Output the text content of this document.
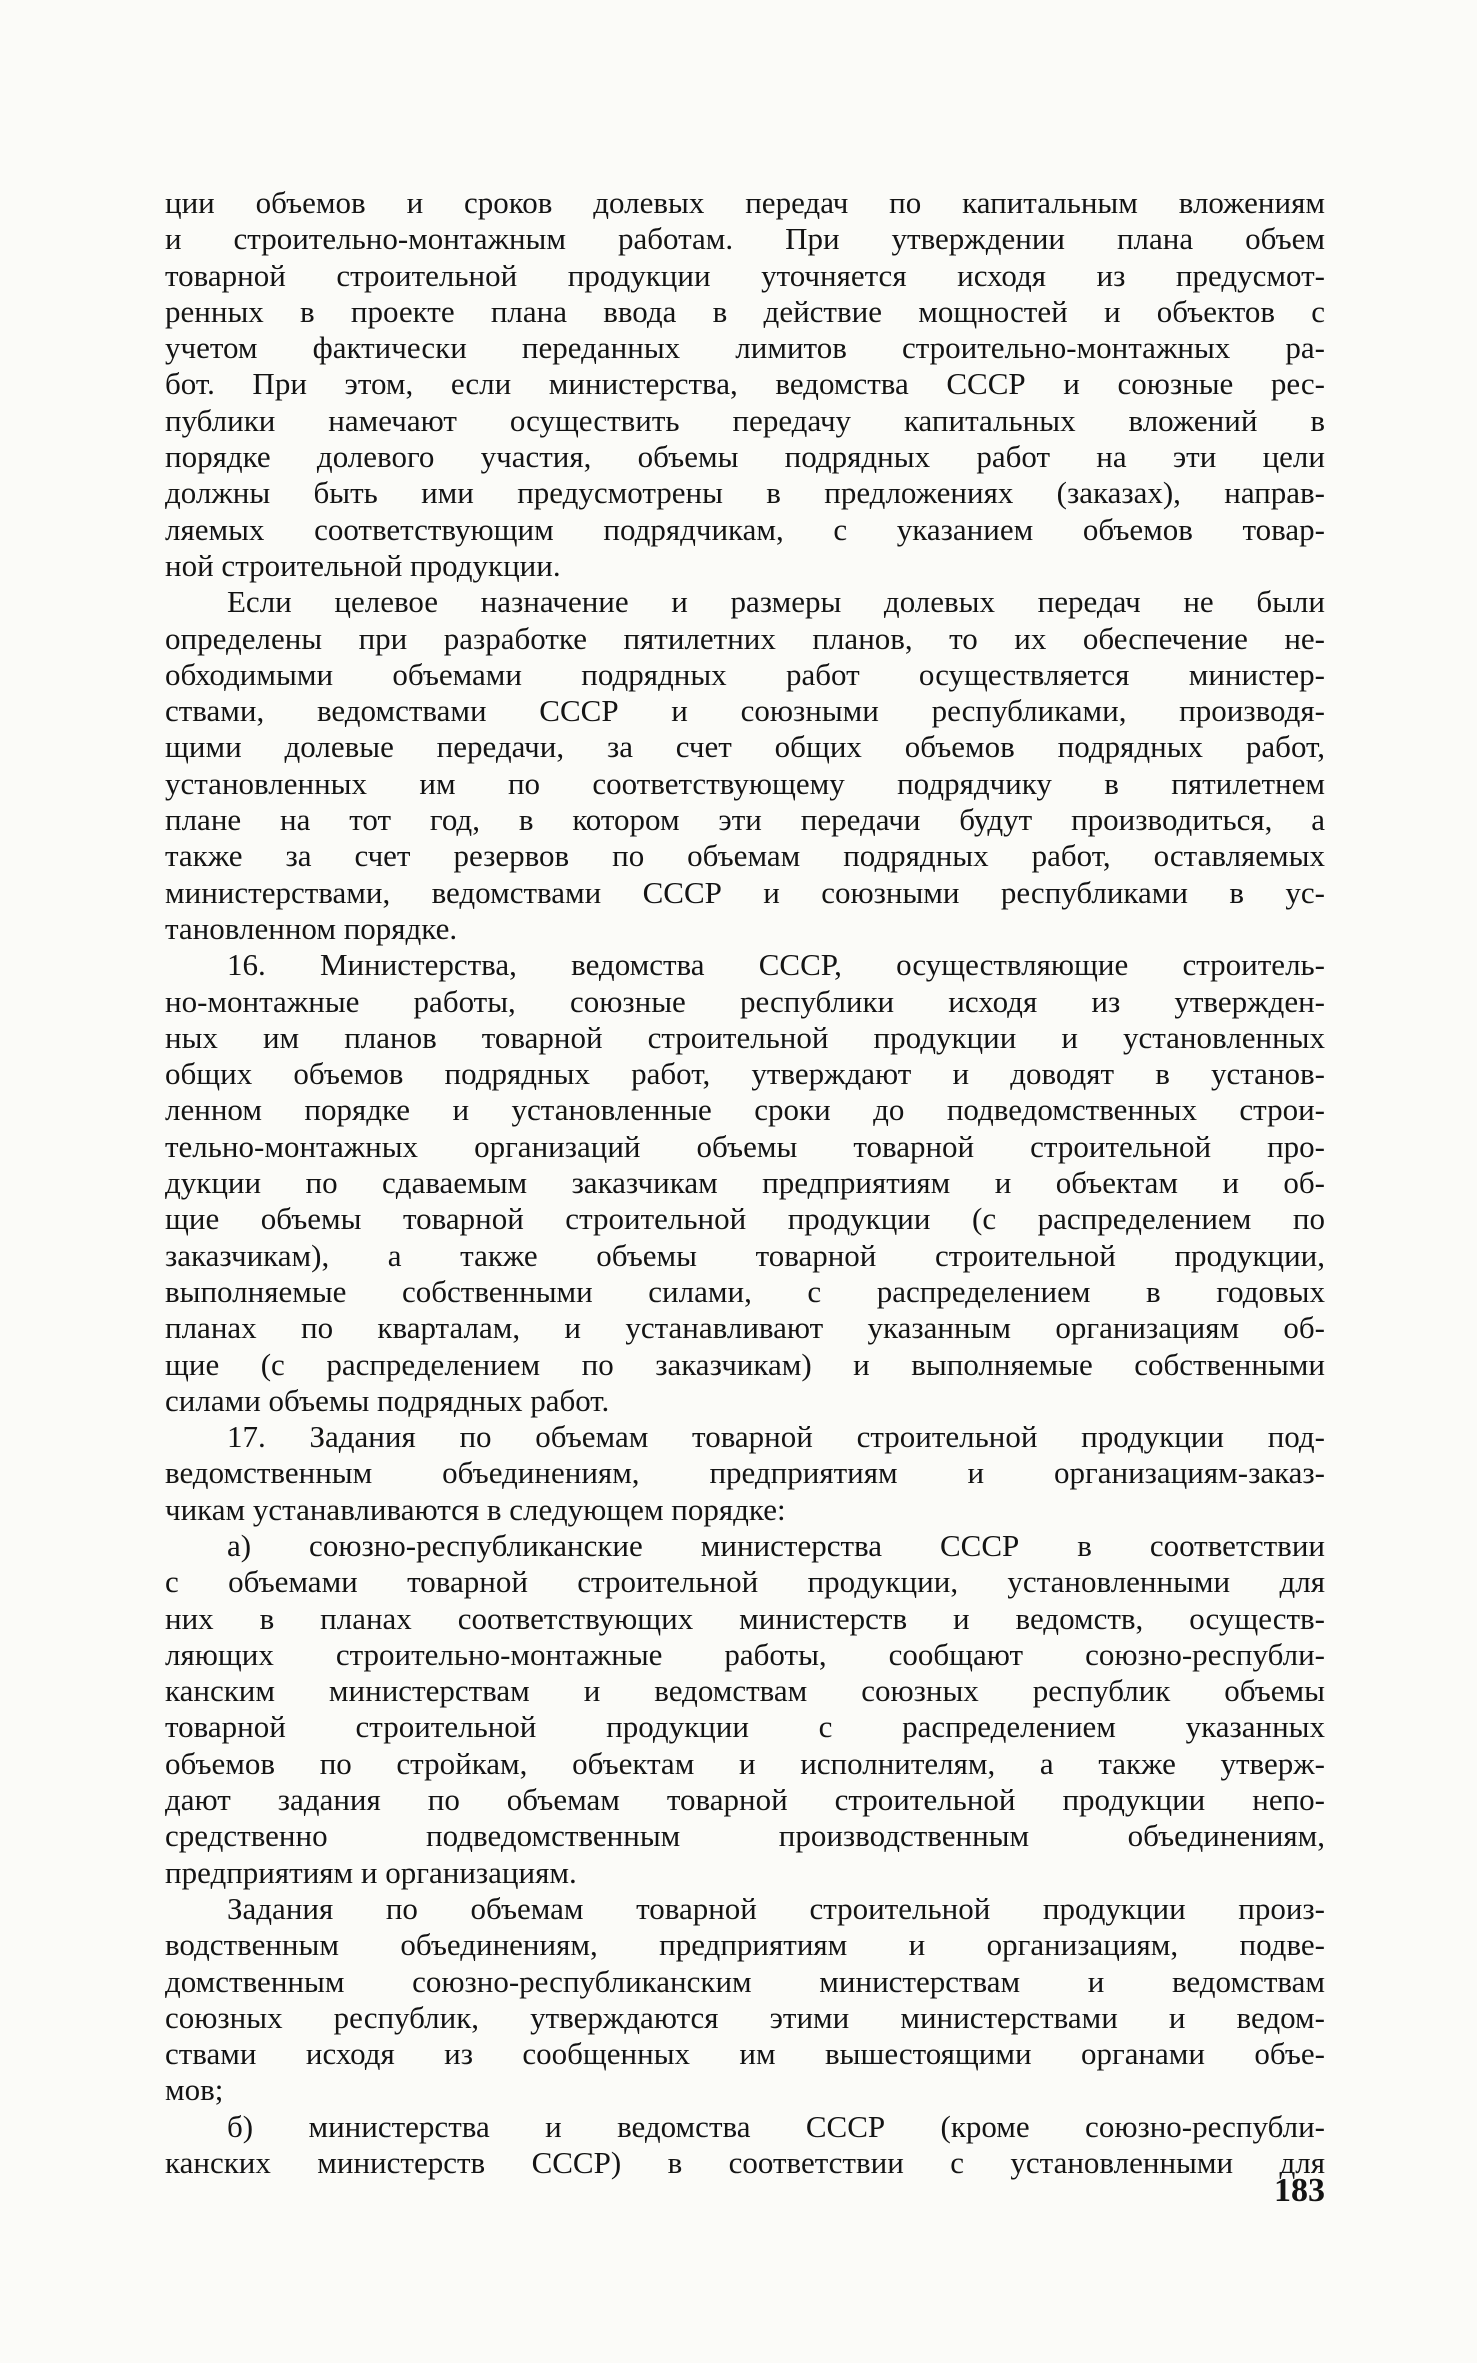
ции объемов и сроков долевых передач по капитальным вложениям
и строительно-монтажным работам. При утверждении плана объем
товарной строительной продукции уточняется исходя из предусмот-
ренных в проекте плана ввода в действие мощностей и объектов с
учетом фактически переданных лимитов строительно-монтажных ра-
бот. При этом, если министерства, ведомства СССР и союзные рес-
публики намечают осуществить передачу капитальных вложений в
порядке долевого участия, объемы подрядных работ на эти цели
должны быть ими предусмотрены в предложениях (заказах), направ-
ляемых соответствующим подрядчикам, с указанием объемов товар-
ной строительной продукции.
Если целевое назначение и размеры долевых передач не были
определены при разработке пятилетних планов, то их обеспечение не-
обходимыми объемами подрядных работ осуществляется министер-
ствами, ведомствами СССР и союзными республиками, производя-
щими долевые передачи, за счет общих объемов подрядных работ,
установленных им по соответствующему подрядчику в пятилетнем
плане на тот год, в котором эти передачи будут производиться, а
также за счет резервов по объемам подрядных работ, оставляемых
министерствами, ведомствами СССР и союзными республиками в ус-
тановленном порядке.
16. Министерства, ведомства СССР, осуществляющие строитель-
но-монтажные работы, союзные республики исходя из утвержден-
ных им планов товарной строительной продукции и установленных
общих объемов подрядных работ, утверждают и доводят в установ-
ленном порядке и установленные сроки до подведомственных строи-
тельно-монтажных организаций объемы товарной строительной про-
дукции по сдаваемым заказчикам предприятиям и объектам и об-
щие объемы товарной строительной продукции (с распределением по
заказчикам), а также объемы товарной строительной продукции,
выполняемые собственными силами, с распределением в годовых
планах по кварталам, и устанавливают указанным организациям об-
щие (с распределением по заказчикам) и выполняемые собственными
силами объемы подрядных работ.
17. Задания по объемам товарной строительной продукции под-
ведомственным объединениям, предприятиям и организациям-заказ-
чикам устанавливаются в следующем порядке:
а) союзно-республиканские министерства СССР в соответствии
с объемами товарной строительной продукции, установленными для
них в планах соответствующих министерств и ведомств, осуществ-
ляющих строительно-монтажные работы, сообщают союзно-республи-
канским министерствам и ведомствам союзных республик объемы
товарной строительной продукции с распределением указанных
объемов по стройкам, объектам и исполнителям, а также утверж-
дают задания по объемам товарной строительной продукции непо-
средственно подведомственным производственным объединениям,
предприятиям и организациям.
Задания по объемам товарной строительной продукции произ-
водственным объединениям, предприятиям и организациям, подве-
домственным союзно-республиканским министерствам и ведомствам
союзных республик, утверждаются этими министерствами и ведом-
ствами исходя из сообщенных им вышестоящими органами объе-
мов;
б) министерства и ведомства СССР (кроме союзно-республи-
канских министерств СССР) в соответствии с установленными для
183
